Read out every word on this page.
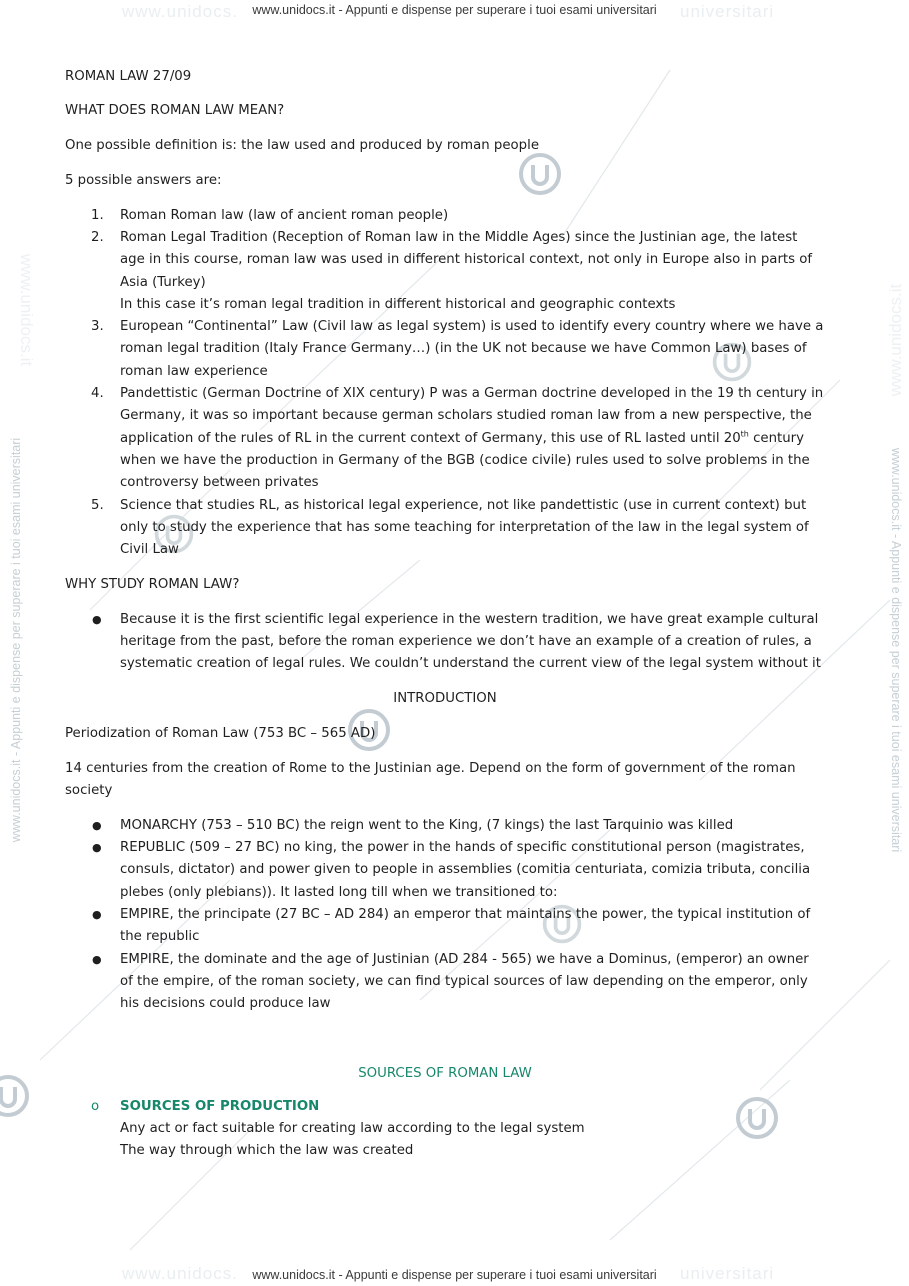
www.unidocs.	universitari
www.unidocs.	universitari
www.unidocs.it - Appunti e dispense per superare i tuoi esami universitari
www.unidocs.it - Appunti e dispense per superare i tuoi esami universitari
www.unidocs.it - Appunti e dispense per superare i tuoi esami universitari	www.unidocs.it - Appunti e dispense per superare i tuoi esami universitari
www.unidocs.it	www.unidocs.it

ROMAN LAW 27/09

WHAT DOES ROMAN LAW MEAN?

One possible definition is: the law used and produced by roman people

5 possible answers are:

1.	Roman Roman law (law of ancient roman people)
2.	Roman Legal Tradition (Reception of Roman law in the Middle Ages) since the Justinian age, the latest age in this course, roman law was used in different historical context, not only in Europe also in parts of Asia (Turkey)
In this case it’s roman legal tradition in different historical and geographic contexts
3.	European “Continental” Law (Civil law as legal system) is used to identify every country where we have a roman legal tradition (Italy France Germany…) (in the UK not because we have Common Law) bases of roman law experience
4.	Pandettistic (German Doctrine of XIX century) P was a German doctrine developed in the 19 th century in Germany, it was so important because german scholars studied roman law from a new perspective, the application of the rules of RL in the current context of Germany, this use of RL lasted until 20th century when we have the production in Germany of the BGB (codice civile) rules used to solve problems in the controversy between privates
5.	Science that studies RL, as historical legal experience, not like pandettistic (use in current context) but only to study the experience that has some teaching for interpretation of the law in the legal system of Civil Law

WHY STUDY ROMAN LAW?

●	Because it is the first scientific legal experience in the western tradition, we have great example cultural heritage from the past, before the roman experience we don’t have an example of a creation of rules, a systematic creation of legal rules. We couldn’t understand the current view of the legal system without it

INTRODUCTION

Periodization of Roman Law (753 BC – 565 AD)

14 centuries from the creation of Rome to the Justinian age. Depend on the form of government of the roman society

●	MONARCHY (753 – 510 BC) the reign went to the King, (7 kings) the last Tarquinio was killed
●	REPUBLIC (509 – 27 BC) no king, the power in the hands of specific constitutional person (magistrates, consuls, dictator) and power given to people in assemblies (comitia centuriata, comizia tributa, concilia plebes (only plebians)). It lasted long till when we transitioned to:
●	EMPIRE, the principate (27 BC – AD 284) an emperor that maintains the power, the typical institution of the republic
●	EMPIRE, the dominate and the age of Justinian (AD 284 - 565) we have a Dominus, (emperor) an owner of the empire, of the roman society, we can find typical sources of law depending on the emperor, only his decisions could produce law

SOURCES OF ROMAN LAW

o SOURCES OF PRODUCTION
Any act or fact suitable for creating law according to the legal system
The way through which the law was created
